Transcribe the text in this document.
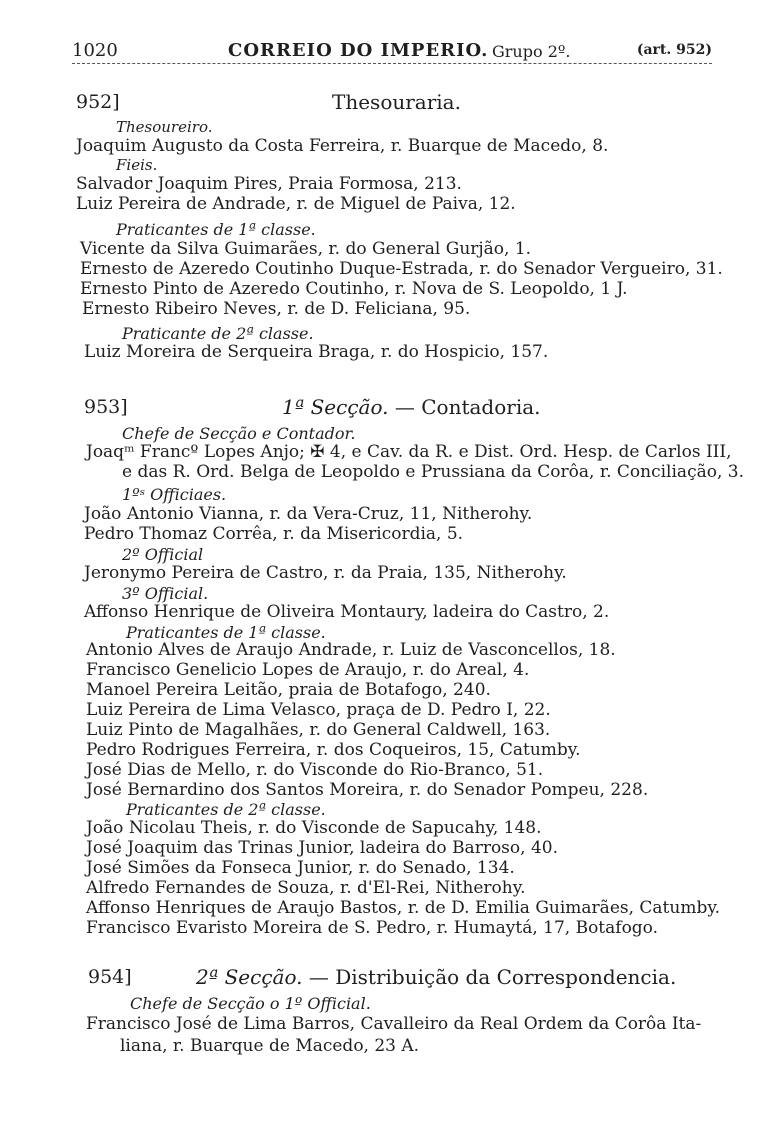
1020	CORREIO DO IMPERIO. Grupo 2º.	(art. 952)
952]	Thesouraria.
Thesoureiro.
Joaquim Augusto da Costa Ferreira, r. Buarque de Macedo, 8.
Fieis.
Salvador Joaquim Pires, Praia Formosa, 213.
Luiz Pereira de Andrade, r. de Miguel de Paiva, 12.
Praticantes de 1ª classe.
Vicente da Silva Guimarães, r. do General Gurjão, 1.
Ernesto de Azeredo Coutinho Duque-Estrada, r. do Senador Vergueiro, 31.
Ernesto Pinto de Azeredo Coutinho, r. Nova de S. Leopoldo, 1 J.
Ernesto Ribeiro Neves, r. de D. Feliciana, 95.
Praticante de 2ª classe.
Luiz Moreira de Serqueira Braga, r. do Hospicio, 157.
953]	1ª Secção. — Contadoria.
Chefe de Secção e Contador.
Joaqᵐ Francº Lopes Anjo; ✠ 4, e Cav. da R. e Dist. Ord. Hesp. de Carlos III,
e das R. Ord. Belga de Leopoldo e Prussiana da Corôa, r. Conciliação, 3.
1ºˢ Officiaes.
João Antonio Vianna, r. da Vera-Cruz, 11, Nitherohy.
Pedro Thomaz Corrêa, r. da Misericordia, 5.
2º Official
Jeronymo Pereira de Castro, r. da Praia, 135, Nitherohy.
3º Official.
Affonso Henrique de Oliveira Montaury, ladeira do Castro, 2.
Praticantes de 1ª classe.
Antonio Alves de Araujo Andrade, r. Luiz de Vasconcellos, 18.
Francisco Genelicio Lopes de Araujo, r. do Areal, 4.
Manoel Pereira Leitão, praia de Botafogo, 240.
Luiz Pereira de Lima Velasco, praça de D. Pedro I, 22.
Luiz Pinto de Magalhães, r. do General Caldwell, 163.
Pedro Rodrigues Ferreira, r. dos Coqueiros, 15, Catumby.
José Dias de Mello, r. do Visconde do Rio-Branco, 51.
José Bernardino dos Santos Moreira, r. do Senador Pompeu, 228.
Praticantes de 2ª classe.
João Nicolau Theis, r. do Visconde de Sapucahy, 148.
José Joaquim das Trinas Junior, ladeira do Barroso, 40.
José Simões da Fonseca Junior, r. do Senado, 134.
Alfredo Fernandes de Souza, r. d'El-Rei, Nitherohy.
Affonso Henriques de Araujo Bastos, r. de D. Emilia Guimarães, Catumby.
Francisco Evaristo Moreira de S. Pedro, r. Humaytá, 17, Botafogo.
954]	2ª Secção. — Distribuição da Correspondencia.
Chefe de Secção o 1º Official.
Francisco José de Lima Barros, Cavalleiro da Real Ordem da Corôa Ita-
liana, r. Buarque de Macedo, 23 A.
